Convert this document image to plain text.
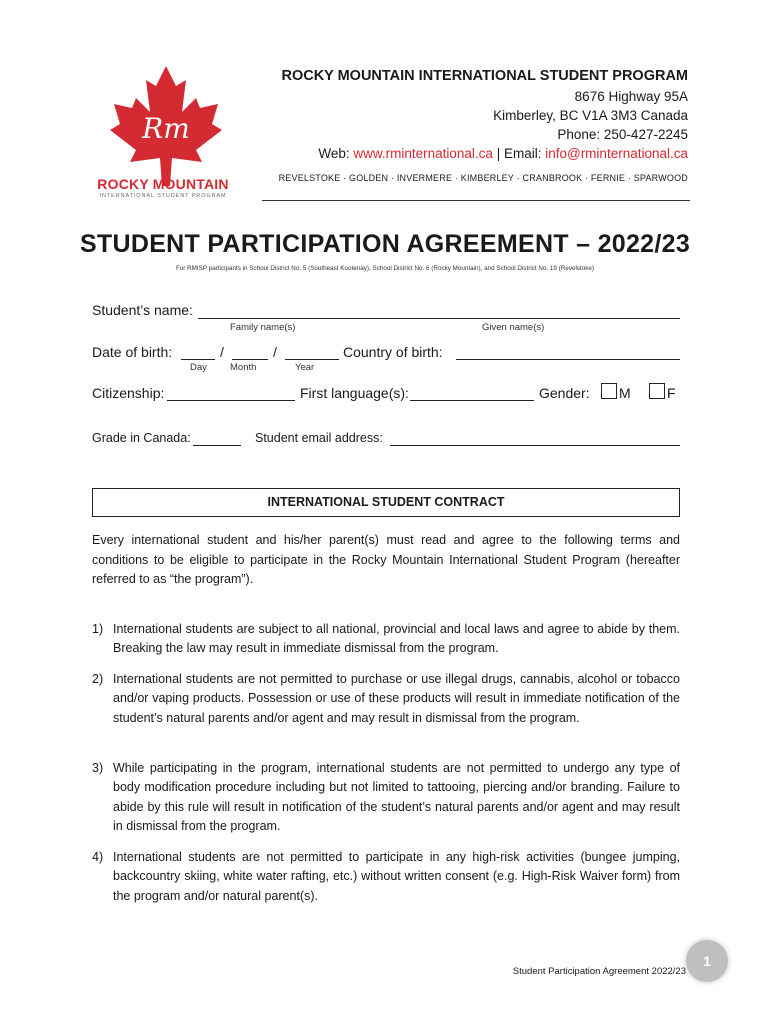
Rm
ROCKY MOUNTAIN
INTERNATIONAL STUDENT PROGRAM
ROCKY MOUNTAIN INTERNATIONAL STUDENT PROGRAM
8676 Highway 95A
Kimberley, BC V1A 3M3 Canada
Phone: 250-427-2245
Web: www.rminternational.ca | Email: info@rminternational.ca
REVELSTOKE · GOLDEN · INVERMERE · KIMBERLEY · CRANBROOK · FERNIE · SPARWOOD
STUDENT PARTICIPATION AGREEMENT – 2022/23
For RMISP participants in School District No. 5 (Southeast Kootenay), School District No. 6 (Rocky Mountain), and School District No. 19 (Revelstoke)
Student’s name:
Family name(s)	Given name(s)
Date of birth:	/	/	Country of birth:
Day Month	Year
Citizenship:	First language(s):	Gender: M	F
Grade in Canada:	Student email address:
INTERNATIONAL STUDENT CONTRACT
Every international student and his/her parent(s) must read and agree to the following terms and conditions to be eligible to participate in the Rocky Mountain International Student Program (hereafter referred to as “the program”).
1) International students are subject to all national, provincial and local laws and agree to abide by them. Breaking the law may result in immediate dismissal from the program.
2) International students are not permitted to purchase or use illegal drugs, cannabis, alcohol or tobacco and/or vaping products. Possession or use of these products will result in immediate notification of the student’s natural parents and/or agent and may result in dismissal from the program.
3) While participating in the program, international students are not permitted to undergo any type of body modification procedure including but not limited to tattooing, piercing and/or branding. Failure to abide by this rule will result in notification of the student’s natural parents and/or agent and may result in dismissal from the program.
4) International students are not permitted to participate in any high-risk activities (bungee jumping, backcountry skiing, white water rafting, etc.) without written consent (e.g. High-Risk Waiver form) from the program and/or natural parent(s).
Student Participation Agreement 2022/23
1
